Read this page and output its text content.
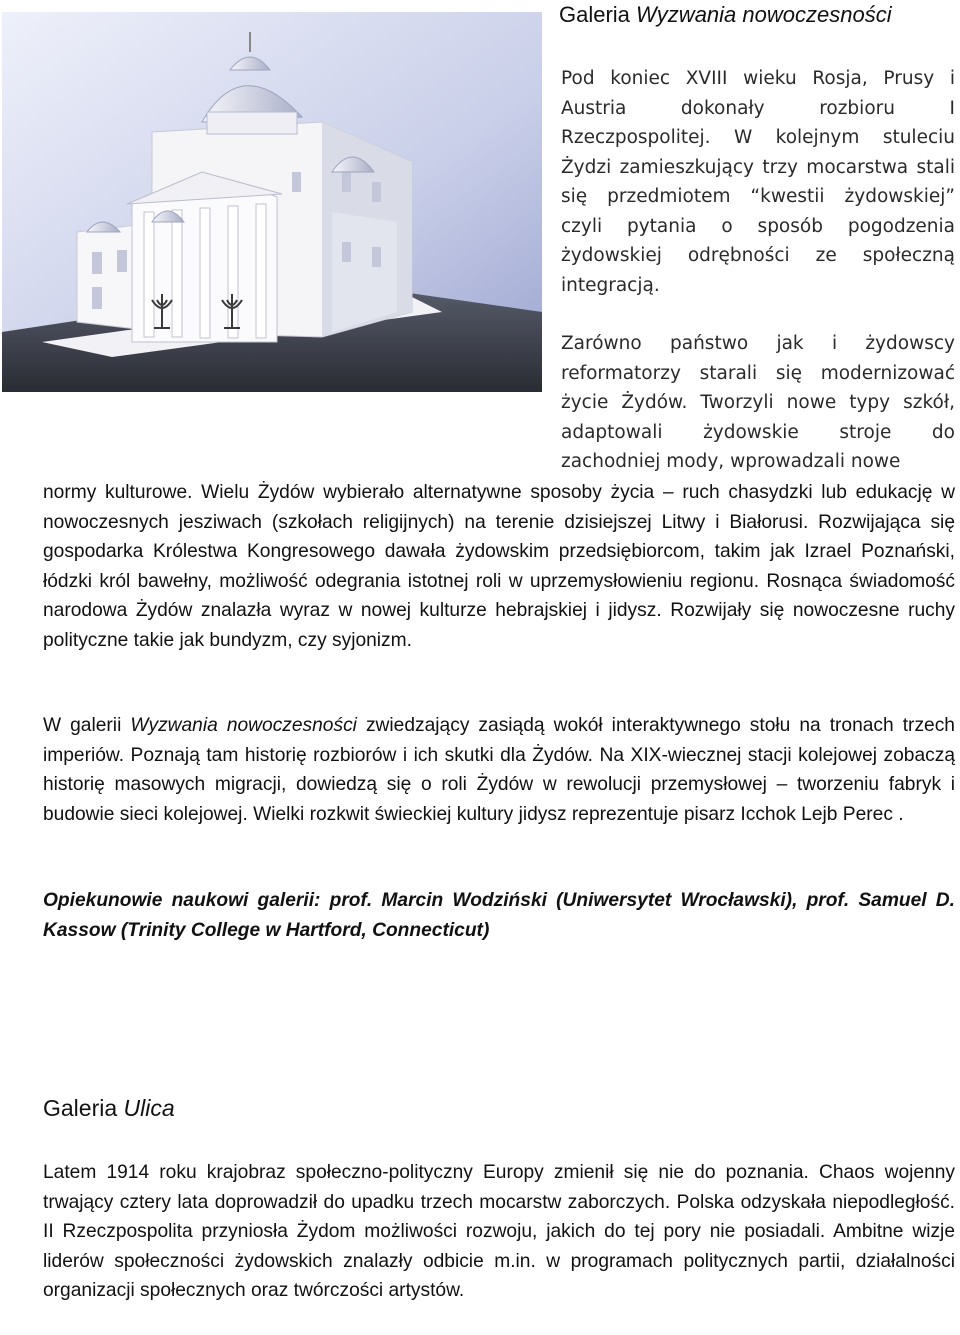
Galeria Wyzwania nowoczesności

Pod koniec XVIII wieku Rosja, Prusy i Austria dokonały rozbioru I Rzeczpospolitej. W kolejnym stuleciu Żydzi zamieszkujący trzy mocarstwa stali się przedmiotem “kwestii żydowskiej” czyli pytania o sposób pogodzenia żydowskiej odrębności ze społeczną integracją.

Zarówno państwo jak i żydowscy reformatorzy starali się modernizować życie Żydów. Tworzyli nowe typy szkół, adaptowali żydowskie stroje do zachodniej mody, wprowadzali nowe

normy kulturowe. Wielu Żydów wybierało alternatywne sposoby życia – ruch chasydzki lub edukację w nowoczesnych jesziwach (szkołach religijnych) na terenie dzisiejszej Litwy i Białorusi. Rozwijająca się gospodarka Królestwa Kongresowego dawała żydowskim przedsiębiorcom, takim jak Izrael Poznański, łódzki król bawełny, możliwość odegrania istotnej roli w uprzemysłowieniu regionu. Rosnąca świadomość narodowa Żydów znalazła wyraz w nowej kulturze hebrajskiej i jidysz. Rozwijały się nowoczesne ruchy polityczne takie jak bundyzm, czy syjonizm.

W galerii Wyzwania nowoczesności zwiedzający zasiądą wokół interaktywnego stołu na tronach trzech imperiów. Poznają tam historię rozbiorów i ich skutki dla Żydów. Na XIX-wiecznej stacji kolejowej zobaczą historię masowych migracji, dowiedzą się o roli Żydów w rewolucji przemysłowej – tworzeniu fabryk i budowie sieci kolejowej. Wielki rozkwit świeckiej kultury jidysz reprezentuje pisarz Icchok Lejb Perec .

Opiekunowie naukowi galerii: prof. Marcin Wodziński (Uniwersytet Wrocławski), prof. Samuel D. Kassow (Trinity College w Hartford, Connecticut)

Galeria Ulica

Latem 1914 roku krajobraz społeczno-polityczny Europy zmienił się nie do poznania. Chaos wojenny trwający cztery lata doprowadził do upadku trzech mocarstw zaborczych. Polska odzyskała niepodległość. II Rzeczpospolita przyniosła Żydom możliwości rozwoju, jakich do tej pory nie posiadali. Ambitne wizje liderów społeczności żydowskich znalazły odbicie m.in. w programach politycznych partii, działalności organizacji społecznych oraz twórczości artystów.
